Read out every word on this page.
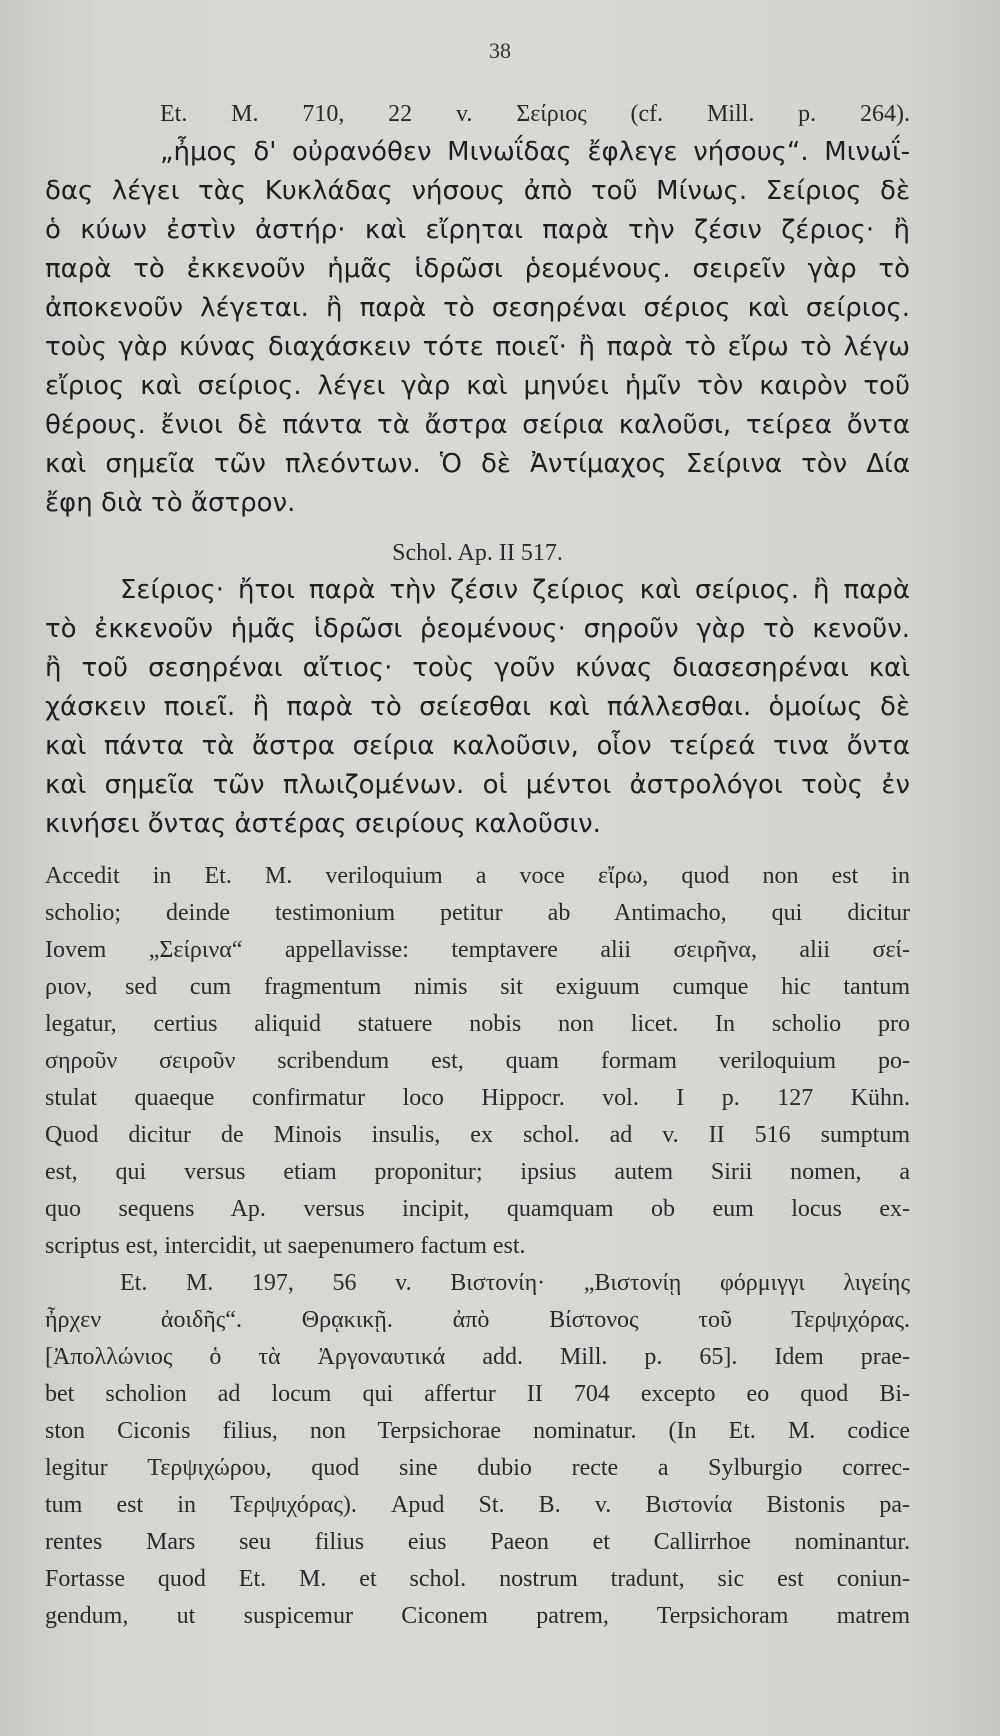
38
Et. M. 710, 22 v. Σείριος (cf. Mill. p. 264).
„ἦμος δ' οὐρανόθεν Μινωΐδας ἔφλεγε νήσους“. Μινωΐ-
δας λέγει τὰς Κυκλάδας νήσους ἀπὸ τοῦ Μίνως. Σείριος δὲ
ὁ κύων ἐστὶν ἀστήρ· καὶ εἴρηται παρὰ τὴν ζέσιν ζέριος· ἢ
παρὰ τὸ ἐκκενοῦν ἡμᾶς ἱδρῶσι ῥεομένους. σειρεῖν γὰρ τὸ
ἀποκενοῦν λέγεται. ἢ παρὰ τὸ σεσηρέναι σέριος καὶ σείριος.
τοὺς γὰρ κύνας διαχάσκειν τότε ποιεῖ· ἢ παρὰ τὸ εἴρω τὸ λέγω
εἴριος καὶ σείριος. λέγει γὰρ καὶ μηνύει ἡμῖν τὸν καιρὸν τοῦ
θέρους. ἔνιοι δὲ πάντα τὰ ἄστρα σείρια καλοῦσι, τείρεα ὄντα
καὶ σημεῖα τῶν πλεόντων. Ὁ δὲ Ἀντίμαχος Σείρινα τὸν Δία
ἔφη διὰ τὸ ἄστρον.
Schol. Ap. II 517.
Σείριος· ἤτοι παρὰ τὴν ζέσιν ζείριος καὶ σείριος. ἢ παρὰ
τὸ ἐκκενοῦν ἡμᾶς ἱδρῶσι ῥεομένους· σηροῦν γὰρ τὸ κενοῦν.
ἢ τοῦ σεσηρέναι αἴτιος· τοὺς γοῦν κύνας διασεσηρέναι καὶ
χάσκειν ποιεῖ. ἢ παρὰ τὸ σείεσθαι καὶ πάλλεσθαι. ὁμοίως δὲ
καὶ πάντα τὰ ἄστρα σείρια καλοῦσιν, οἷον τείρεά τινα ὄντα
καὶ σημεῖα τῶν πλωιζομένων. οἱ μέντοι ἀστρολόγοι τοὺς ἐν
κινήσει ὄντας ἀστέρας σειρίους καλοῦσιν.
Accedit in Et. M. veriloquium a voce εἴρω, quod non est in
scholio; deinde testimonium petitur ab Antimacho, qui dicitur
Iovem „Σείρινα“ appellavisse: temptavere alii σειρῆνα, alii σεί-
ριον, sed cum fragmentum nimis sit exiguum cumque hic tantum
legatur, certius aliquid statuere nobis non licet. In scholio pro
σηροῦν σειροῦν scribendum est, quam formam veriloquium po-
stulat quaeque confirmatur loco Hippocr. vol. I p. 127 Kühn.
Quod dicitur de Minois insulis, ex schol. ad v. II 516 sumptum
est, qui versus etiam proponitur; ipsius autem Sirii nomen, a
quo sequens Ap. versus incipit, quamquam ob eum locus ex-
scriptus est, intercidit, ut saepenumero factum est.
Et. M. 197, 56 v. Βιστονίη· „Βιστονίῃ φόρμιγγι λιγείης
ἦρχεν ἀοιδῆς“. Θρᾳκικῇ. ἀπὸ Βίστονος τοῦ Τερψιχόρας.
[Ἀπολλώνιος ὁ τὰ Ἀργοναυτικά add. Mill. p. 65]. Idem prae-
bet scholion ad locum qui affertur II 704 excepto eo quod Bi-
ston Ciconis filius, non Terpsichorae nominatur. (In Et. M. codice
legitur Τερψιχώρου, quod sine dubio recte a Sylburgio correc-
tum est in Τερψιχόρας). Apud St. B. v. Βιστονία Bistonis pa-
rentes Mars seu filius eius Paeon et Callirrhoe nominantur.
Fortasse quod Et. M. et schol. nostrum tradunt, sic est coniun-
gendum, ut suspicemur Ciconem patrem, Terpsichoram matrem
